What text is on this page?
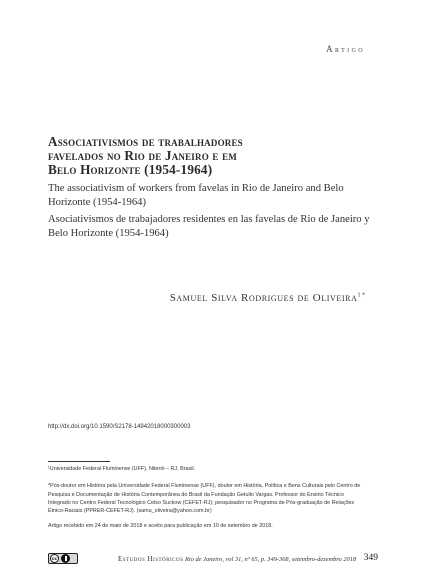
Artigo

Associativismos de trabalhadores
favelados no Rio de Janeiro e em
Belo Horizonte (1954-1964)

The associativism of workers from favelas in Rio de Janeiro and Belo Horizonte (1954-1964)

Asociativismos de trabajadores residentes en las favelas de Rio de Janeiro y Belo Horizonte (1954-1964)

Samuel Silva Rodrigues de Oliveira$^{1 *}$
http://dx.doi.org/10.1590/S2178-14942018000300003

¹Universidade Federal Fluminense (UFF), Niterói – RJ, Brasil.

*Pós-doutor em História pela Universidade Federal Fluminense (UFF), doutor em História, Política e Bens Culturais pelo Centro de Pesquisa e Documentação de História Contemporânea do Brasil da Fundação Getulio Vargas. Professor do Ensino Técnico Integrado no Centro Federal Tecnológico Celso Suckow (CEFET-RJ); pesquisador no Programa de Pós-graduação de Relações Étnico-Raciais (PPRER-CEFET-RJ). (samu_oliveira@yahoo.com.br)

Artigo recebido em 24 de maio de 2018 e aceito para publicação em 10 de setembro de 2018.

cc	Estudos Históricos Rio de Janeiro, vol 31, nº 65, p. 349-368, setembro-dezembro 2018 349
